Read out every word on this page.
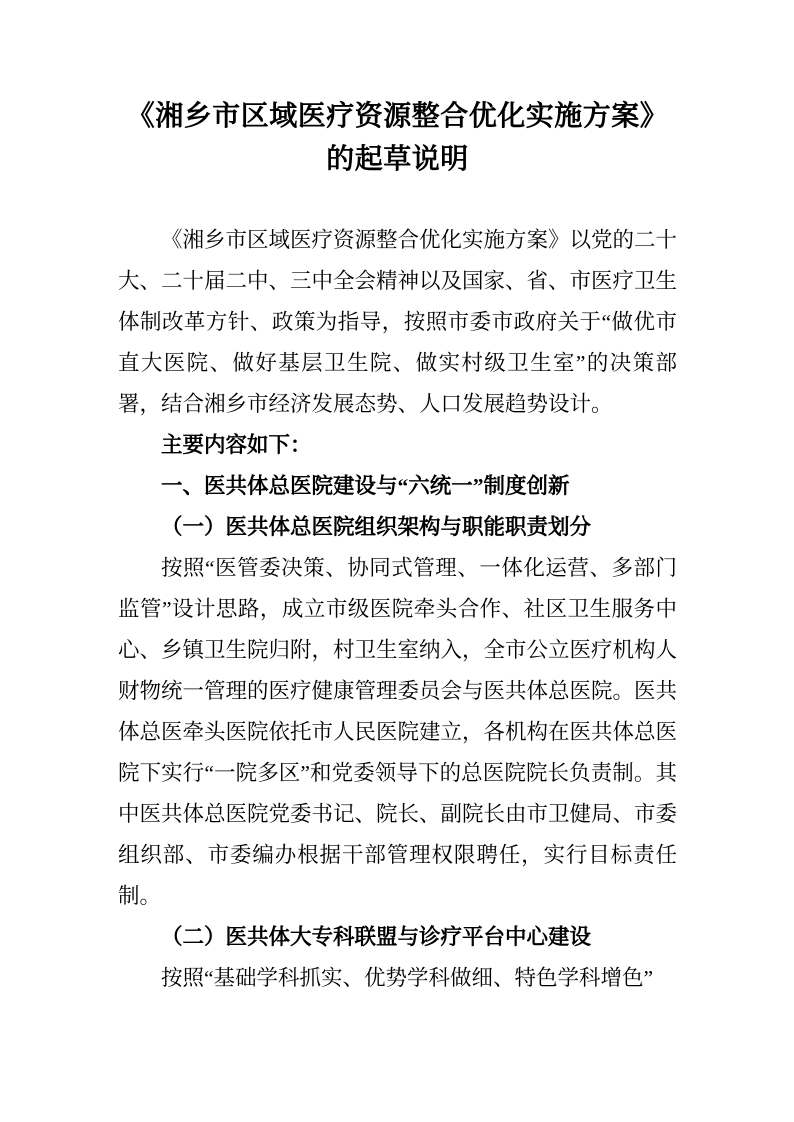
《湘乡市区域医疗资源整合优化实施方案》
的起草说明

《湘乡市区域医疗资源整合优化实施方案》以党的二十大、二十届二中、三中全会精神以及国家、省、市医疗卫生体制改革方针、政策为指导，按照市委市政府关于“做优市直大医院、做好基层卫生院、做实村级卫生室”的决策部署，结合湘乡市经济发展态势、人口发展趋势设计。

主要内容如下：

一、医共体总医院建设与“六统一”制度创新

（一）医共体总医院组织架构与职能职责划分

按照“医管委决策、协同式管理、一体化运营、多部门监管”设计思路，成立市级医院牵头合作、社区卫生服务中心、乡镇卫生院归附，村卫生室纳入，全市公立医疗机构人财物统一管理的医疗健康管理委员会与医共体总医院。医共体总医牵头医院依托市人民医院建立，各机构在医共体总医院下实行“一院多区”和党委领导下的总医院院长负责制。其中医共体总医院党委书记、院长、副院长由市卫健局、市委组织部、市委编办根据干部管理权限聘任，实行目标责任制。

（二）医共体大专科联盟与诊疗平台中心建设

按照“基础学科抓实、优势学科做细、特色学科增色”
